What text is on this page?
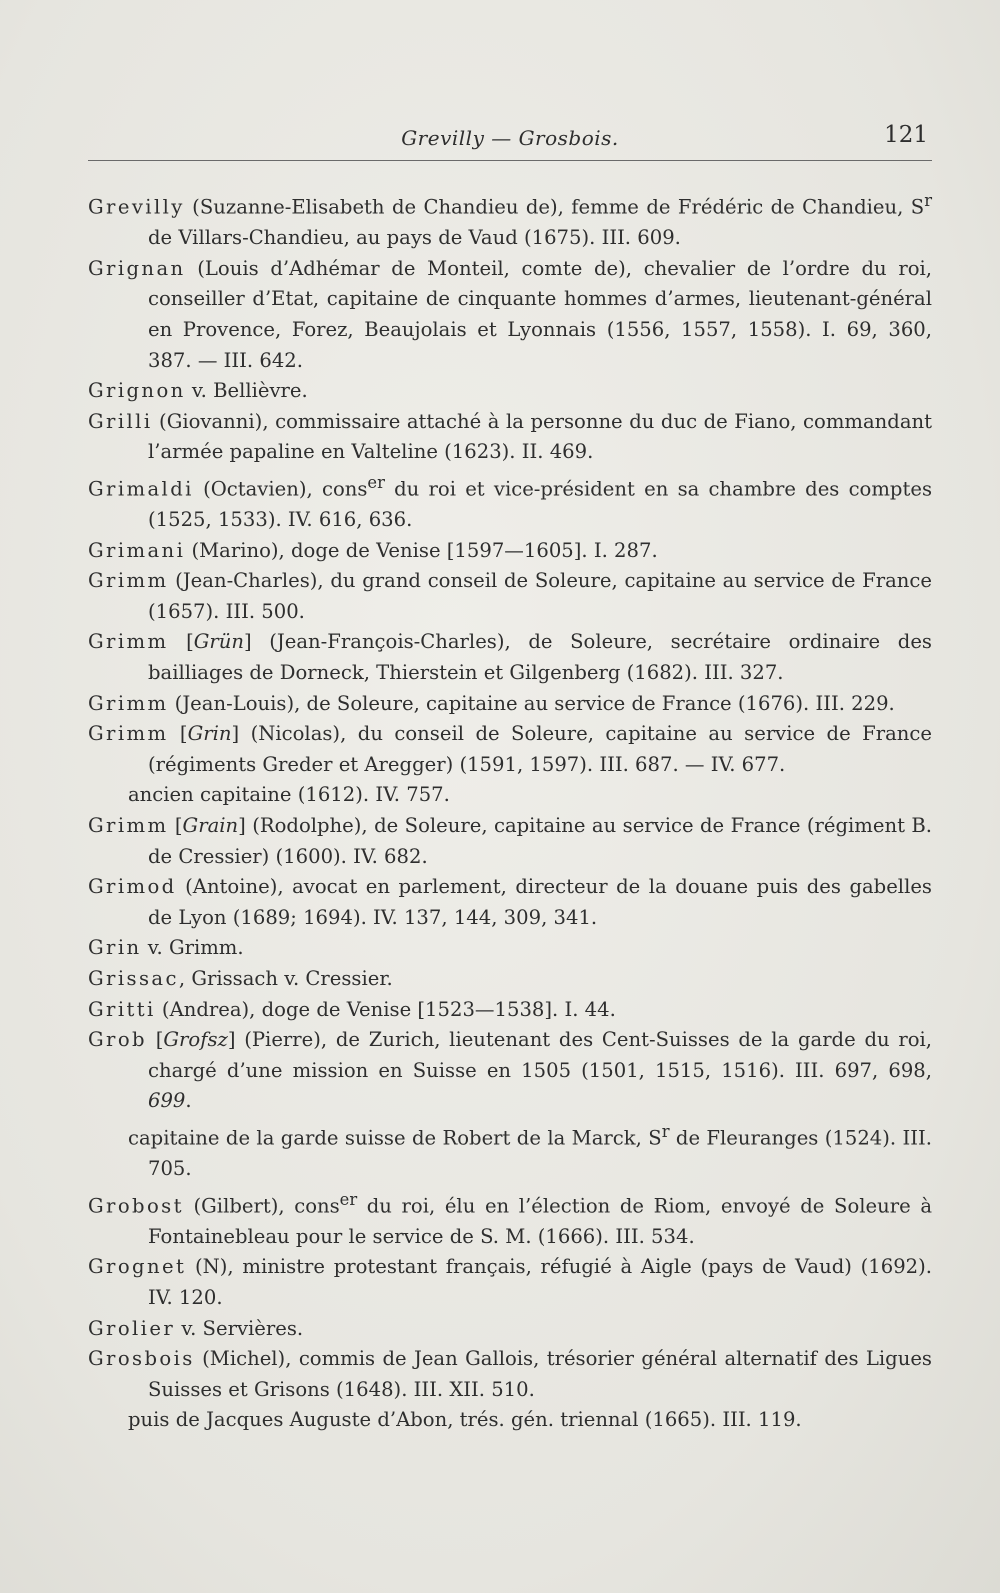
Grevilly — Grosbois.	121
Grevilly (Suzanne-Elisabeth de Chandieu de), femme de Frédéric de Chandieu, $S^r$ de Villars-Chandieu, au pays de Vaud (1675). III. 609.
Grignan (Louis d’Adhémar de Monteil, comte de), chevalier de l’ordre du roi, conseiller d’Etat, capitaine de cinquante hommes d’armes, lieutenant-général en Provence, Forez, Beaujolais et Lyonnais (1556, 1557, 1558). I. 69, 360, 387. — III. 642.
Grignon v. Bellièvre.
Grilli (Giovanni), commissaire attaché à la personne du duc de Fiano, commandant l’armée papaline en Valteline (1623). II. 469.
Grimaldi (Octavien), cons$^{er}$ du roi et vice-président en sa chambre des comptes (1525, 1533). IV. 616, 636.
Grimani (Marino), doge de Venise [1597—1605]. I. 287.
Grimm (Jean-Charles), du grand conseil de Soleure, capitaine au service de France (1657). III. 500.
Grimm [Grün] (Jean-François-Charles), de Soleure, secrétaire ordinaire des bailliages de Dorneck, Thierstein et Gilgenberg (1682). III. 327.
Grimm (Jean-Louis), de Soleure, capitaine au service de France (1676). III. 229.
Grimm [Grin] (Nicolas), du conseil de Soleure, capitaine au service de France (régiments Greder et Aregger) (1591, 1597). III. 687. — IV. 677.
ancien capitaine (1612). IV. 757.
Grimm [Grain] (Rodolphe), de Soleure, capitaine au service de France (régiment B. de Cressier) (1600). IV. 682.
Grimod (Antoine), avocat en parlement, directeur de la douane puis des gabelles de Lyon (1689; 1694). IV. 137, 144, 309, 341.
Grin v. Grimm.
Grissac, Grissach v. Cressier.
Gritti (Andrea), doge de Venise [1523—1538]. I. 44.
Grob [Grofsz] (Pierre), de Zurich, lieutenant des Cent-Suisses de la garde du roi, chargé d’une mission en Suisse en 1505 (1501, 1515, 1516). III. 697, 698, 699.
capitaine de la garde suisse de Robert de la Marck, $S^r$ de Fleuranges (1524). III. 705.
Grobost (Gilbert), cons$^{er}$ du roi, élu en l’élection de Riom, envoyé de Soleure à Fontainebleau pour le service de S. M. (1666). III. 534.
Grognet (N), ministre protestant français, réfugié à Aigle (pays de Vaud) (1692). IV. 120.
Grolier v. Servières.
Grosbois (Michel), commis de Jean Gallois, trésorier général alternatif des Ligues Suisses et Grisons (1648). III. XII. 510.
puis de Jacques Auguste d’Abon, trés. gén. triennal (1665). III. 119.
